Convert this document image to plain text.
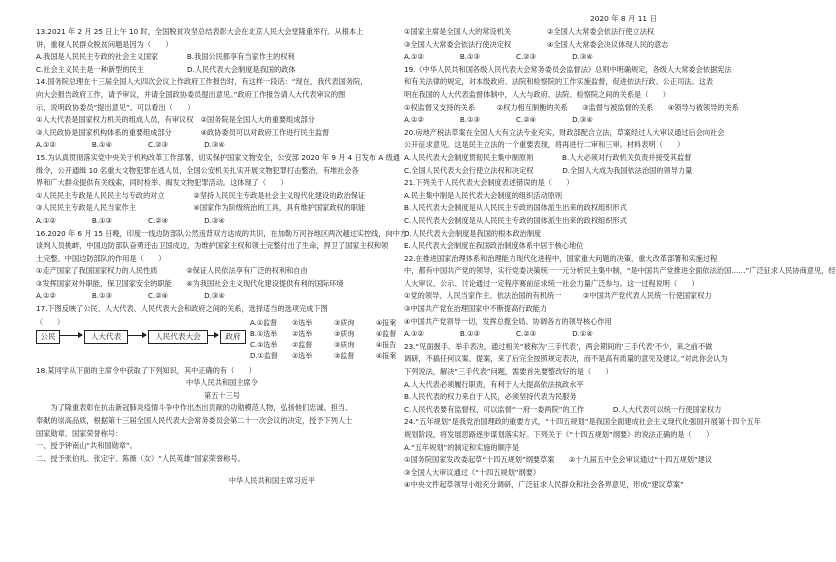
2020 年 8 月 11 日
13.2021 年 2 月 25 日上午 10 时，全国脱贫攻坚总结表彰大会在北京人民大会堂隆重举行。从根本上
讲，重视人民群众脱贫问题是因为（　　）
A.我国是人民民主专政的社会主义国家　　　　B.我国公民都享有当家作主的权利
C.社会主义民主是一种新型的民主　　　　　　D.人民代表大会制度是我国的政体
14.国务院总理在十三届全国人大四次会议上作政府工作报告时，有这样一段话：“现在，我代表国务院，
向大会报告政府工作，请予审议，并请全国政协委员提出意见。”政府工作报告请人大代表审议的图
示，说明政协委员“提出意见”。可以看出（　　）
①人大代表是国家权力机关的组成人员，有审议权　②国务院是全国人大的重要组成部分
③人民政协是国家机构体系的重要组成部分　　　　④政协委员可以对政府工作进行民主监督
A.①②　　　　　B.①④　　　　　C.②③　　　　　D.③④
15.为认真贯彻落实党中央关于机构改革工作部署，切实保护国家文物安全，公安部 2020 年 9 月 4 日发布 A 级通
缉令，公开通缉 10 名重大文物犯罪在逃人员，全国公安机关扎实开展文物犯罪打击整治，有堆社会各
界和广大群众提供有关线索，同时检举、揭发文物犯罪活动。这体现了（　　）
①人民民主专政是人民民主与专政的对立　　　　②坚持人民民主专政是社会主义现代化建设的政治保证
③人民民主专政是人民当家作主　　　　　　　　④国家作为阶级统治的工具，具有维护国家政权的职能
A.①②　　　　　B.①③　　　　　C.②④　　　　　D.③④
16.2020 年 6 月 15 日晚，印度一线边防部队公然违背双方达成的共识，在加勒万河谷地区两次越过实控线，向中方
谈判人员挑衅，中国边防部队奋勇还击卫国戍边，为维护国家主权和领土完整付出了生命，捍卫了国家主权和领
土完整。中国边防部队的作用是（　　）
①走产国家了我国国家权力的人民性质　　　　②保证人民依法享有广泛的权利和自由
③发挥国家对外职能，保卫国家安全的职能　　④为我国社会主义现代化建设提供有利的国际环境
A.①②　　　　　B.①③　　　　　C.②④　　　　　D.③④
17.下图反映了公民、人大代表、人民代表大会和政府之间的关系，选择适当的选项完成下图
（　　）
公民	人大代表	人民代表大会	政府
A.①监督 ②选举	③质询	④报案
B.①选举 ②选举	③质询	④监督
C.①选举 ②监督	③质询	④报告
D.①监督 ②选举	③监督	④报案
18.某同学从下面的主席令中获取了下列知识，其中正确的有（　　）
中华人民共和国主席令
第五十三号
　　为了隆重表彰在抗击新冠肺炎疫情斗争中作出杰出贡献的功勋模范人物，弘扬他们忠诚、担当、
奉献的崇高品质，根据第十三届全国人民代表大会常务委员会第二十一次会议的决定，授予下列人士
国家勋章、国家荣誉称号：
一、授予钟南山“共和国勋章”。
二、授予张伯礼、张定宇、陈薇（女）“人民英雄”国家荣誉称号。
中华人民共和国主席习近平
①国家主席是全国人大的常设机关　　　　　②全国人大常委会依法行使立法权
③全国人大常委会依法行使决定权　　　　　④全国人大常委会决议体现人民的意志
A.①②　　　　　B.①③　　　　　C.②③　　　　　D.③④
19.《中华人民共和国各级人民代表大会常务委员会监督法》总则中明确规定，各级人大常委会依据宪法
和有关法律的规定，对本级政府、法院和检察院的工作实施监督，促进依法行政、公正司法。这表
明在我国的人大代表监督体制中，人大与政府、法院、检察院之间的关系是（　　）
①权监督又支持的关系　　　②权力相互制衡的关系　　③监督与被监督的关系　　④领导与被领导的关系
A.①②　　　　　B.①③　　　　　C.②④　　　　　D.③④
20.房地产税法草案在全国人大有立法专业充实，财政部配合立法，草案经过人大审议通过后会向社会
公开征求意见。这是民主立法的一个重要表现，将再进行二审和三审。材料表明（　　）
A.人民代表大会制度贯彻民主集中制原则　　　　B.人大必须对行政机关负责并接受其监督
C.全国人民代表大会行使立法权和决定权　　　　D.全国人大成为我国依法治国的领导力量
21.下列关于人民代表大会制度表述错误的是（　　）
A.民主集中制是人民代表大会制度的组织活动原则
B.人民代表大会制度是从人民民主专政的国体派生出来的政权组织形式
C.人民代表大会制度是从人民民主专政的国体派生出来的政权组织形式
D.人民代表大会制度是我国的根本政治制度
E.人民代表大会制度在我国政治制度体系中居于核心地位
22.在推进国家治理体系和治理能力现代化进程中，国家重大问题的决策、重大改革部署和实施过程
中，都有中国共产党的领导，实行党委决策统一一元分析民主集中制，“是中国共产党推进全面依法治国……”广泛征求人民协商意见，经
人大审议、公示、讨论通过一定程序赛前征求统一社会力量广泛参与。这一过程说明（　　）
①党的领导、人民当家作主、依法治国的有机统一　　　②中国共产党代表人民统一行使国家权力
③中国共产党在治理国家中不断提高行政能力
④中国共产党领导一切，发挥总揽全局、协调各方的领导核心作用
A.①②　　　　　B.①③　　　　　C.②③　　　　　D.①④
23.“见面握手、举手表决，通过相关“被称为‘三手代表’，两会期间的‘三手代表’不少，来之前不做
调研，不搞任何议案、提案，来了后完全按照规定表决，而不是高有质量的意见及建议。”对此你会认为
下列说法，解决“三手代表”问题，需要首先要整改好的是（　　）
A.人大代表必须履行职责，有利于人大提高依法执政水平
B.人民代表的权力来自于人民，必须坚持代表为民服务
C.人民代表要有监督权，可以监督“一府一委两院”的工作　　　　D.人大代表可以统一行使国家权力
24.“五年规划”是我党治国理政的重要方式，“十四五规划”是我国全面建成社会主义现代化强国开展第十四个五年
规划阶段，将发展思路逐步谋划落实好。下列关于《“十四五规划”纲要》的说法正确的是（　　）
A.“五年规划”的制定和实施的顺序是
①国务院国家发改委起草“十四五规划”纲要草案　　②十九届五中全会审议通过“十四五规划”建议
③全国人大审议通过《“十四五规划”纲要》
④中央文件起草领导小组充分调研，广泛征求人民群众和社会各界意见，形成“建议草案”
